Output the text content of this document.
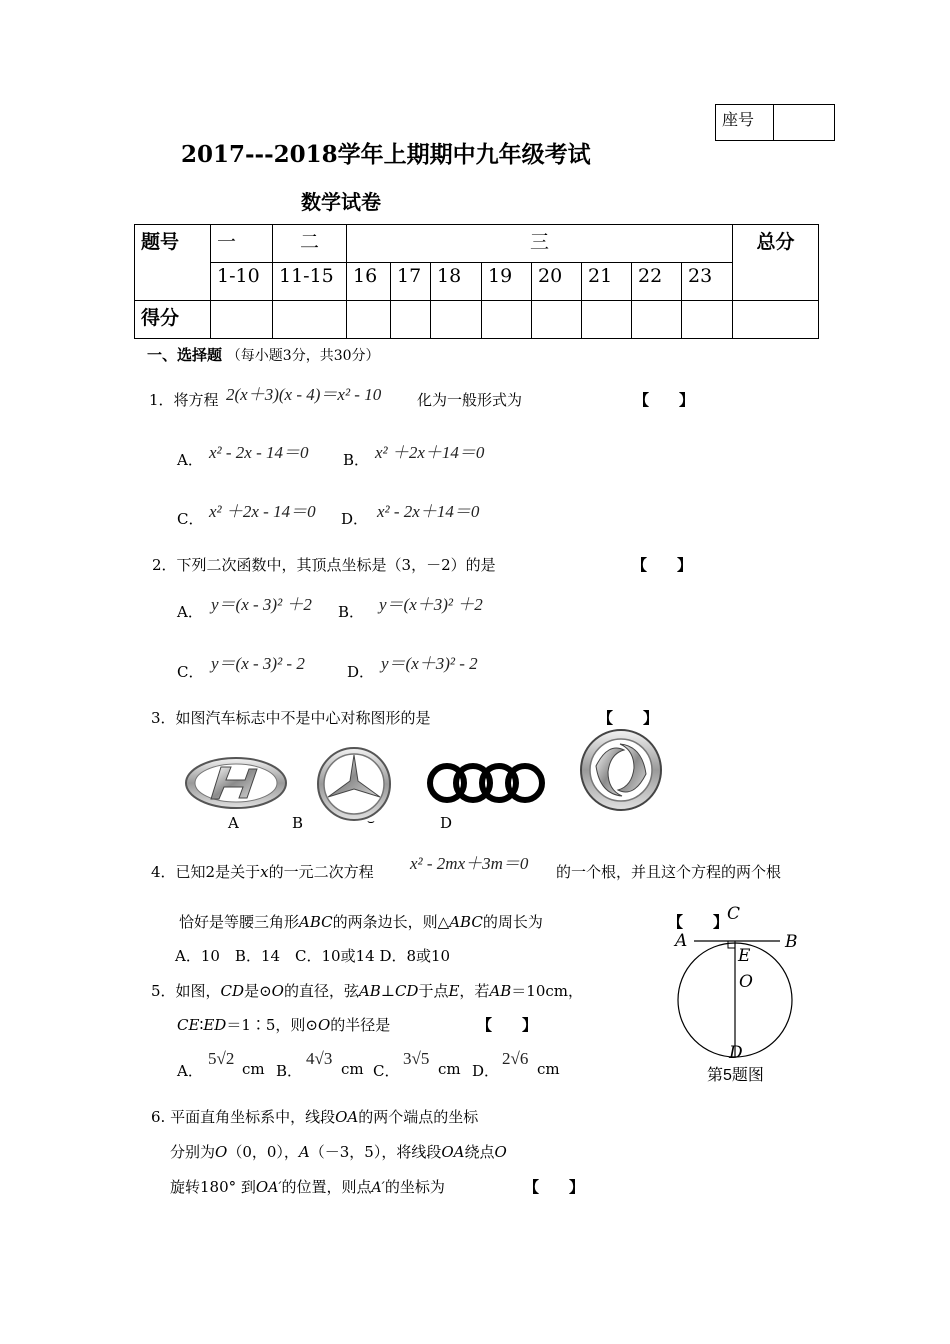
座号	
2017---2018学年上期期中九年级考试
数学试卷
题号	一	二	三								总分
	1-10	11-15	16	17	18	19	20	21	22	23	
得分											
一、选择题 （每小题3分，共30分）
1．将方程 2(x＋3)(x - 4)＝x² - 10 化为一般形式为	【　　】
A． x² - 2x - 14＝0 B． x² ＋2x＋14＝0
C． x² ＋2x - 14＝0 D． x² - 2x＋14＝0
2．下列二次函数中，其顶点坐标是（3，－2）的是	【　　】
A． y＝(x - 3)² ＋2 B． y＝(x＋3)² ＋2
C． y＝(x - 3)² - 2	D． y＝(x＋3)² - 2
3．如图汽车标志中不是中心对称图形的是	【　　】
A	B	⌣	D
4．已知2是关于x的一元二次方程 x² - 2mx＋3m＝0 的一个根，并且这个方程的两个根
恰好是等腰三角形ABC的两条边长，则△ABC的周长为	【　　】
A．10　B．14　C．10或14 D．8或10
5．如图，CD是⊙O的直径，弦AB⊥CD于点E，若AB＝10cm，
CE∶ED＝1∶5，则⊙O的半径是	【　　】
A．
5√2
cm B．
4√3
cm C．
3√5
cm D．
2√6
cm
C
A	B
E
O
D
第5题图
6. 平面直角坐标系中，线段OA的两个端点的坐标
分别为O（0，0），A（－3，5），将线段OA绕点O
旋转180° 到OA′的位置，则点A′的坐标为	【　　】
